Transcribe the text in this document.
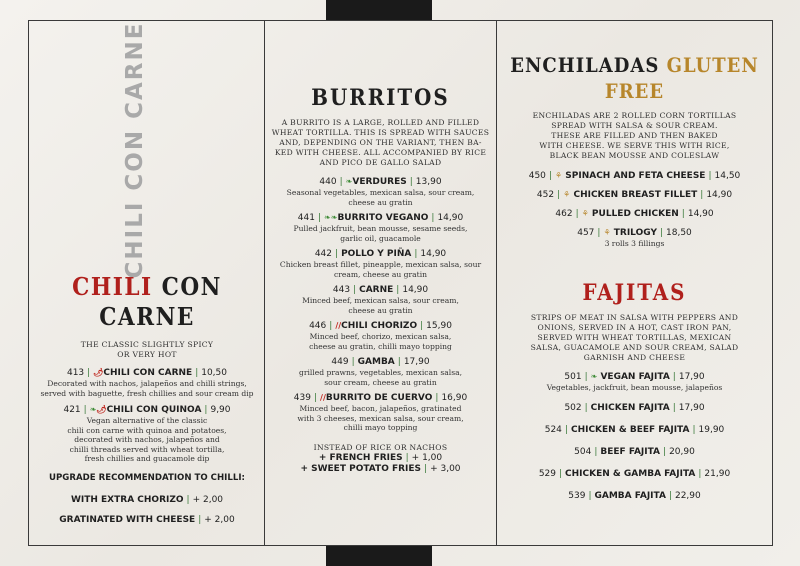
CHILI CON CARNE
CHILI CON CARNE
THE CLASSIC SLIGHTLY SPICY
OR VERY HOT
413 | 🌶CHILI CON CARNE | 10,50
Decorated with nachos, jalapeños and chilli strings,
served with baguette, fresh chillies and sour cream dip
421 | ❧🌶CHILI CON QUINOA | 9,90
Vegan alternative of the classic
chili con carne with quinoa and potatoes,
decorated with nachos, jalapeños and
chilli threads served with wheat tortilla,
fresh chillies and guacamole dip
UPGRADE RECOMMENDATION TO CHILLI:
WITH EXTRA CHORIZO | + 2,00
GRATINATED WITH CHEESE | + 2,00
BURRITOS
A BURRITO IS A LARGE, ROLLED AND FILLED
WHEAT TORTILLA. THIS IS SPREAD WITH SAUCES
AND, DEPENDING ON THE VARIANT, THEN BA-
KED WITH CHEESE. ALL ACCOMPANIED BY RICE
AND PICO DE GALLO SALAD
440 | ❧VERDURES | 13,90
Seasonal vegetables, mexican salsa, sour cream,
cheese au gratin
441 | ❧❧BURRITO VEGANO | 14,90
Pulled jackfruit, bean mousse, sesame seeds,
garlic oil, guacamole
442 | POLLO Y PIÑA | 14,90
Chicken breast fillet, pineapple, mexican salsa, sour
cream, cheese au gratin
443 | CARNE | 14,90
Minced beef, mexican salsa, sour cream,
cheese au gratin
446 | ∕∕CHILI CHORIZO | 15,90
Minced beef, chorizo, mexican salsa,
cheese au gratin, chilli mayo topping
449 | GAMBA | 17,90
grilled prawns, vegetables, mexican salsa,
sour cream, cheese au gratin
439 | ∕∕BURRITO DE CUERVO | 16,90
Minced beef, bacon, jalapeños, gratinated
with 3 cheeses, mexican salsa, sour cream,
chilli mayo topping
INSTEAD OF RICE OR NACHOS
+ FRENCH FRIES | + 1,00
+ SWEET POTATO FRIES | + 3,00
ENCHILADAS GLUTEN FREE
ENCHILADAS ARE 2 ROLLED CORN TORTILLAS
SPREAD WITH SALSA & SOUR CREAM.
THESE ARE FILLED AND THEN BAKED
WITH CHEESE. WE SERVE THIS WITH RICE,
BLACK BEAN MOUSSE AND COLESLAW
450 | ⚘ SPINACH AND FETA CHEESE | 14,50
452 | ⚘ CHICKEN BREAST FILLET | 14,90
462 | ⚘ PULLED CHICKEN | 14,90
457 | ⚘ TRILOGY | 18,50
3 rolls 3 fillings
FAJITAS
STRIPS OF MEAT IN SALSA WITH PEPPERS AND
ONIONS, SERVED IN A HOT, CAST IRON PAN,
SERVED WITH WHEAT TORTILLAS, MEXICAN
SALSA, GUACAMOLE AND SOUR CREAM, SALAD
GARNISH AND CHEESE
501 | ❧ VEGAN FAJITA | 17,90
Vegetables, jackfruit, bean mousse, jalapeños
502 | CHICKEN FAJITA | 17,90
524 | CHICKEN & BEEF FAJITA | 19,90
504 | BEEF FAJITA | 20,90
529 | CHICKEN & GAMBA FAJITA | 21,90
539 | GAMBA FAJITA | 22,90
